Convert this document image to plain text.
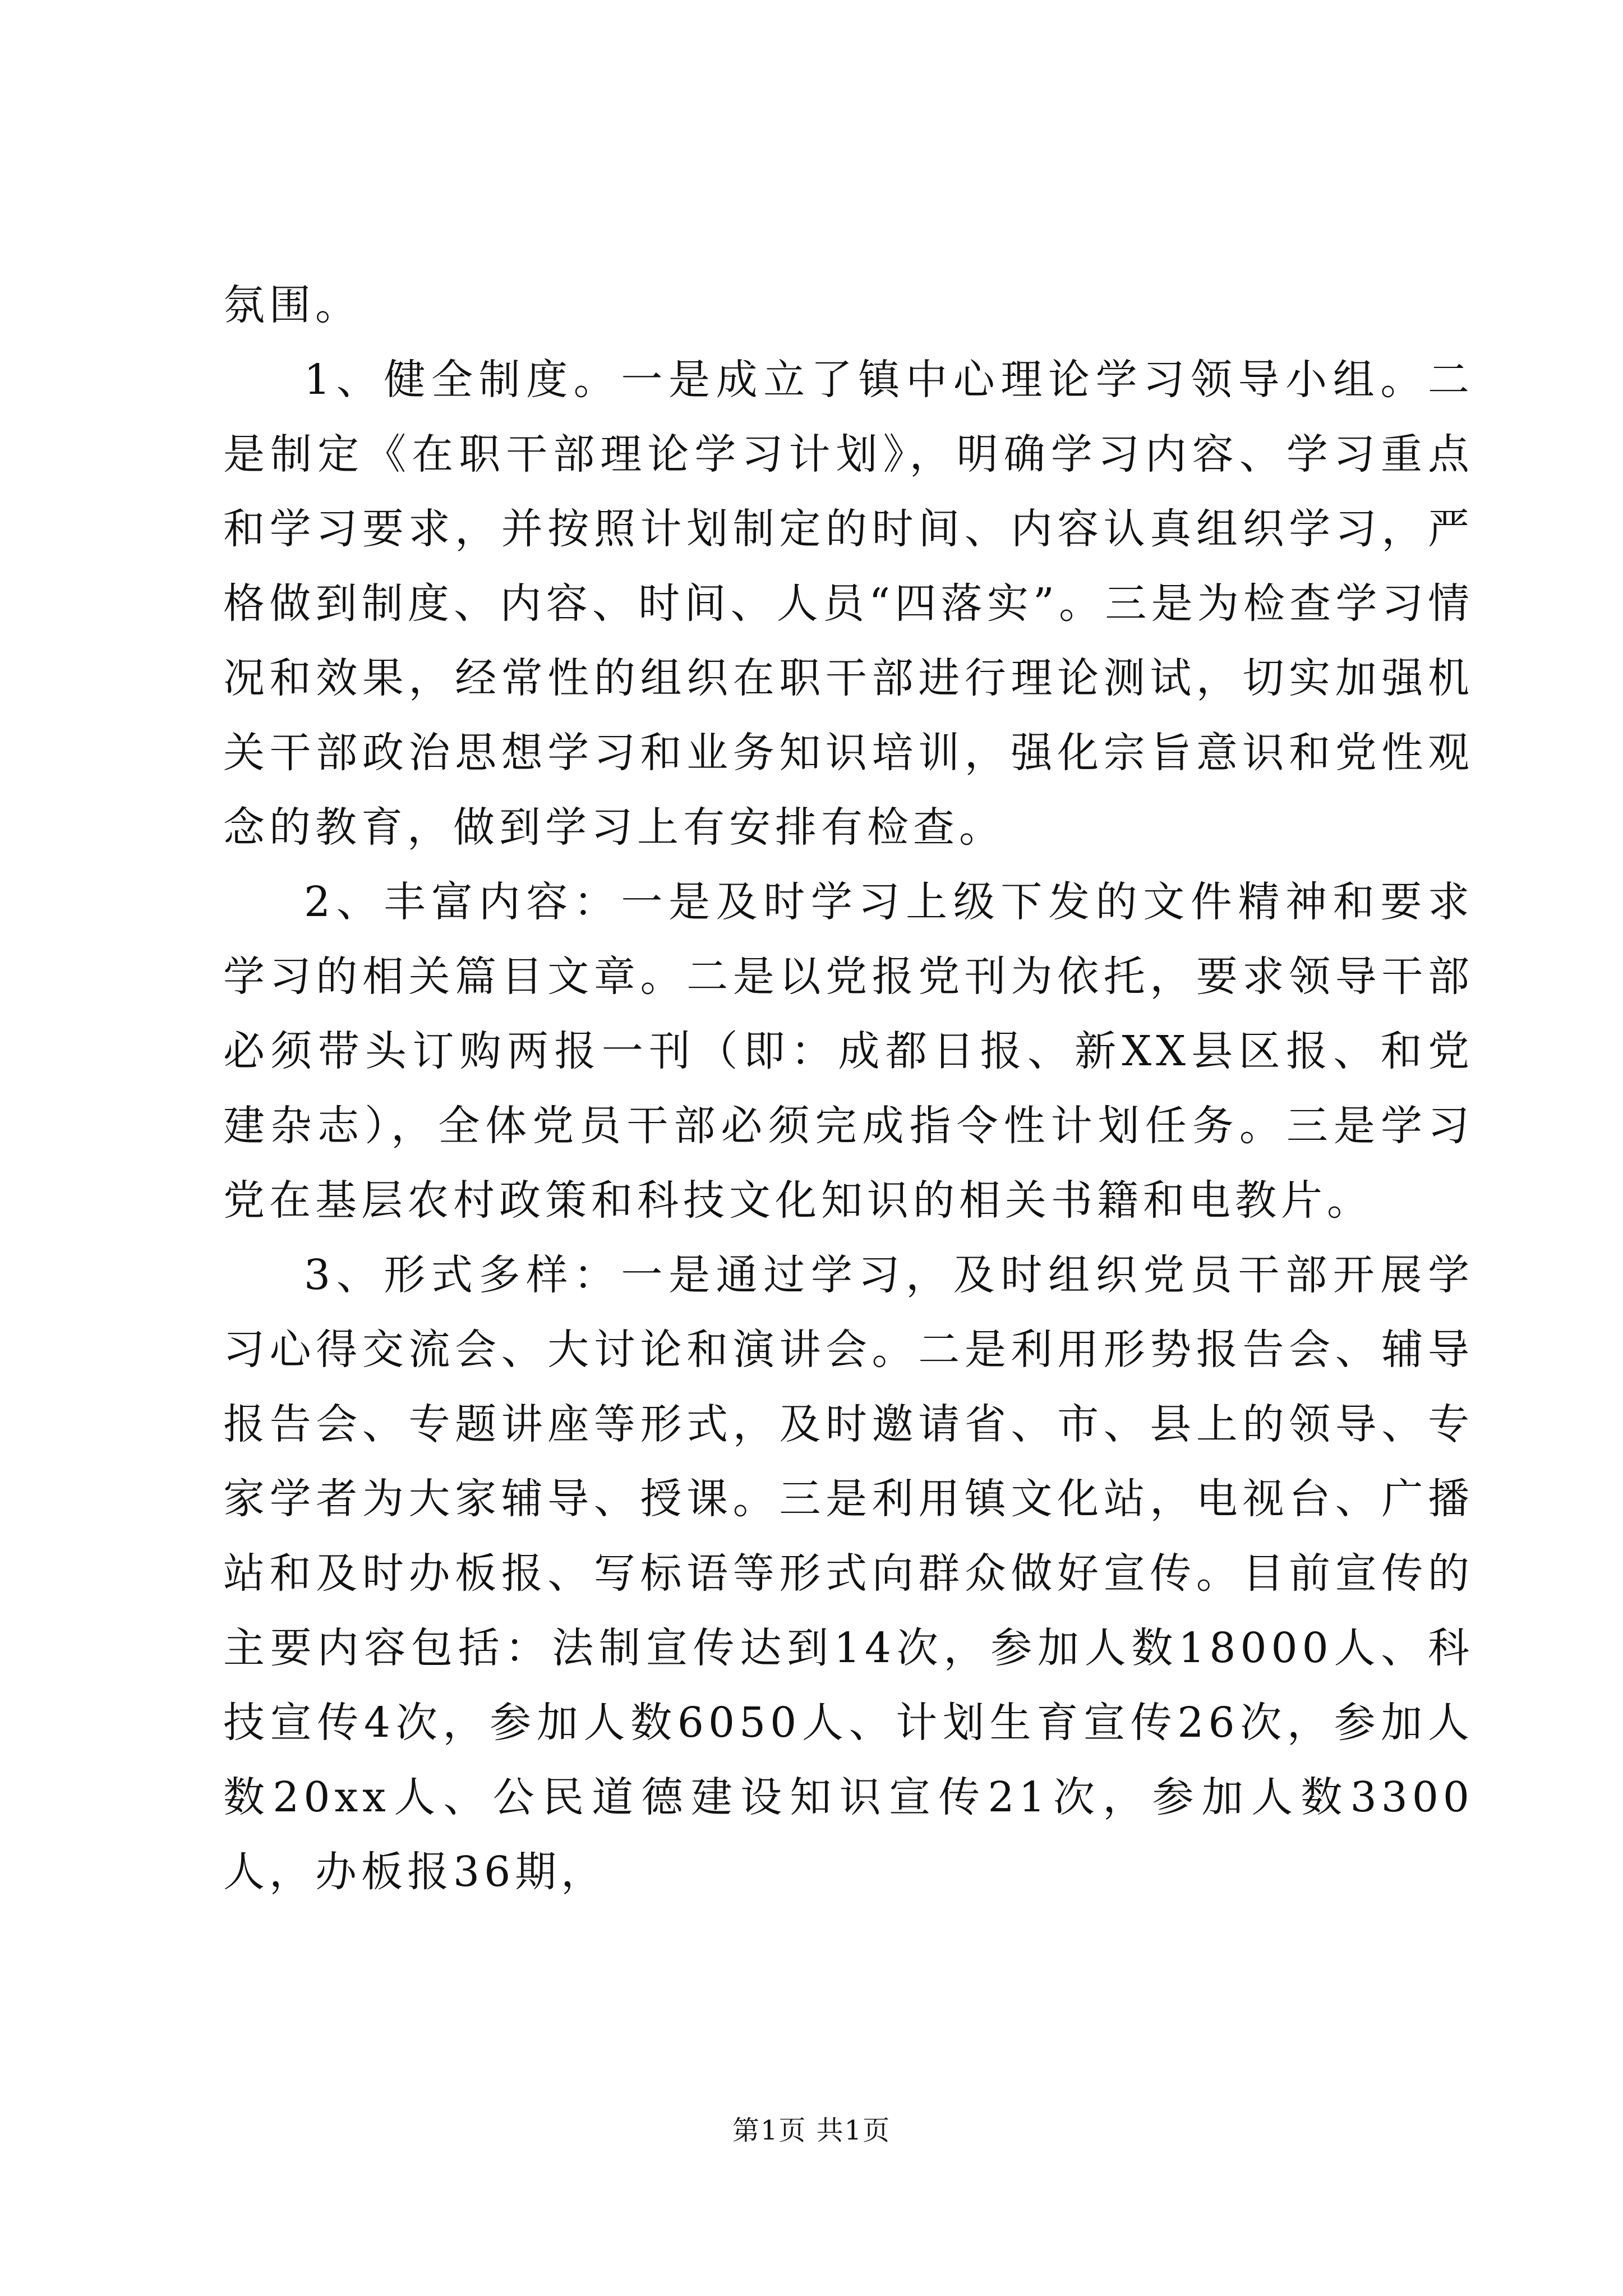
氛围。

1、健全制度。一是成立了镇中心理论学习领导小组。二是制定《在职干部理论学习计划》，明确学习内容、学习重点和学习要求，并按照计划制定的时间、内容认真组织学习，严格做到制度、内容、时间、人员“四落实”。三是为检查学习情况和效果，经常性的组织在职干部进行理论测试，切实加强机关干部政治思想学习和业务知识培训，强化宗旨意识和党性观念的教育，做到学习上有安排有检查。

2、丰富内容：一是及时学习上级下发的文件精神和要求学习的相关篇目文章。二是以党报党刊为依托，要求领导干部必须带头订购两报一刊（即：成都日报、新XX县区报、和党建杂志），全体党员干部必须完成指令性计划任务。三是学习党在基层农村政策和科技文化知识的相关书籍和电教片。

3、形式多样：一是通过学习，及时组织党员干部开展学习心得交流会、大讨论和演讲会。二是利用形势报告会、辅导报告会、专题讲座等形式，及时邀请省、市、县上的领导、专家学者为大家辅导、授课。三是利用镇文化站，电视台、广播站和及时办板报、写标语等形式向群众做好宣传。目前宣传的主要内容包括：法制宣传达到14次，参加人数18000人、科技宣传4次，参加人数6050人、计划生育宣传26次，参加人数20xx人、公民道德建设知识宣传21次，参加人数3300人，办板报36期，

第1页 共1页
